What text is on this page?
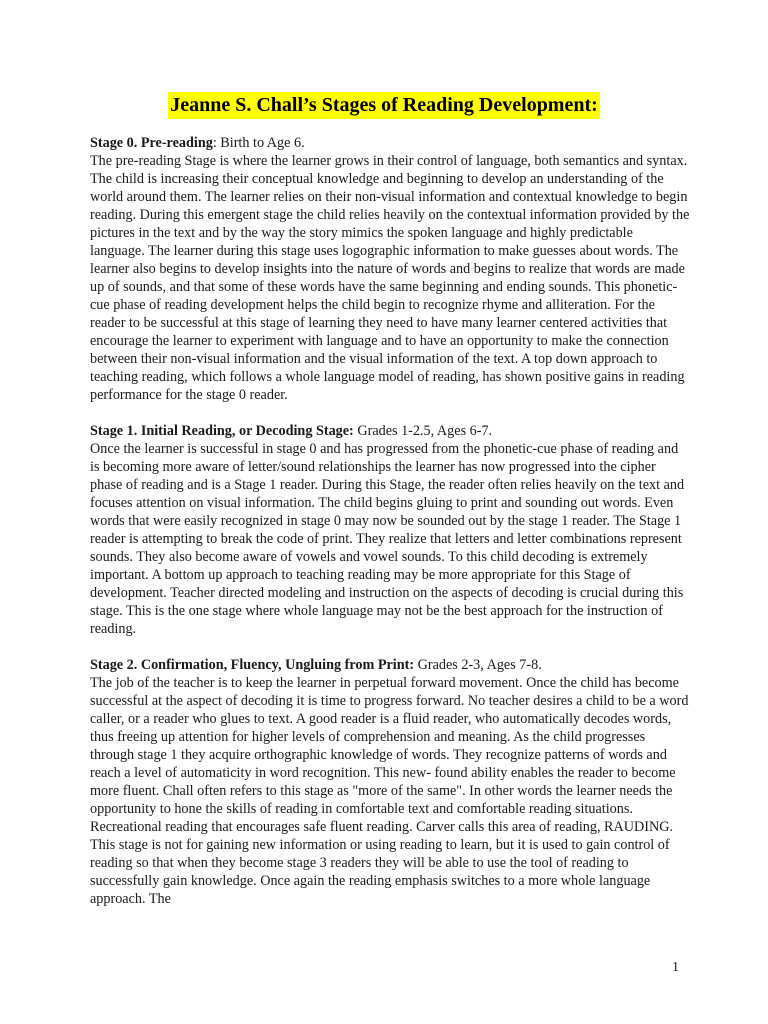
Jeanne S. Chall’s Stages of Reading Development:

Stage 0. Pre-reading: Birth to Age 6.

The pre-reading Stage is where the learner grows in their control of language, both semantics and syntax. The child is increasing their conceptual knowledge and beginning to develop an understanding of the world around them. The learner relies on their non-visual information and contextual knowledge to begin reading. During this emergent stage the child relies heavily on the contextual information provided by the pictures in the text and by the way the story mimics the spoken language and highly predictable language. The learner during this stage uses logographic information to make guesses about words. The learner also begins to develop insights into the nature of words and begins to realize that words are made up of sounds, and that some of these words have the same beginning and ending sounds. This phonetic-cue phase of reading development helps the child begin to recognize rhyme and alliteration. For the reader to be successful at this stage of learning they need to have many learner centered activities that encourage the learner to experiment with language and to have an opportunity to make the connection between their non-visual information and the visual information of the text. A top down approach to teaching reading, which follows a whole language model of reading, has shown positive gains in reading performance for the stage 0 reader.

Stage 1. Initial Reading, or Decoding Stage: Grades 1-2.5, Ages 6-7.

Once the learner is successful in stage 0 and has progressed from the phonetic-cue phase of reading and is becoming more aware of letter/sound relationships the learner has now progressed into the cipher phase of reading and is a Stage 1 reader. During this Stage, the reader often relies heavily on the text and focuses attention on visual information. The child begins gluing to print and sounding out words. Even words that were easily recognized in stage 0 may now be sounded out by the stage 1 reader. The Stage 1 reader is attempting to break the code of print. They realize that letters and letter combinations represent sounds. They also become aware of vowels and vowel sounds. To this child decoding is extremely important. A bottom up approach to teaching reading may be more appropriate for this Stage of development. Teacher directed modeling and instruction on the aspects of decoding is crucial during this stage. This is the one stage where whole language may not be the best approach for the instruction of reading.

Stage 2. Confirmation, Fluency, Ungluing from Print: Grades 2-3, Ages 7-8.

The job of the teacher is to keep the learner in perpetual forward movement. Once the child has become successful at the aspect of decoding it is time to progress forward. No teacher desires a child to be a word caller, or a reader who glues to text. A good reader is a fluid reader, who automatically decodes words, thus freeing up attention for higher levels of comprehension and meaning. As the child progresses through stage 1 they acquire orthographic knowledge of words. They recognize patterns of words and reach a level of automaticity in word recognition. This new- found ability enables the reader to become more fluent. Chall often refers to this stage as "more of the same". In other words the learner needs the opportunity to hone the skills of reading in comfortable text and comfortable reading situations. Recreational reading that encourages safe fluent reading. Carver calls this area of reading, RAUDING. This stage is not for gaining new information or using reading to learn, but it is used to gain control of reading so that when they become stage 3 readers they will be able to use the tool of reading to successfully gain knowledge. Once again the reading emphasis switches to a more whole language approach. The

1
